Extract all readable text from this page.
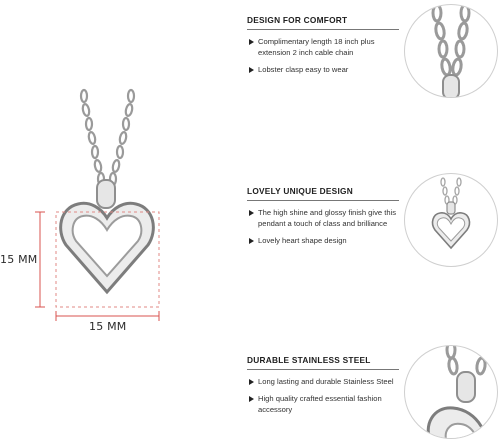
15 MM
15 MM
DESIGN FOR COMFORT
Complimentary length 18 inch plus extension 2 inch cable chain
Lobster clasp easy to wear
LOVELY UNIQUE DESIGN
The high shine and glossy finish give this pendant a touch of class and brilliance
Lovely heart shape design
DURABLE STAINLESS STEEL
Long lasting and durable Stainless Steel
High quality crafted essential fashion accessory
